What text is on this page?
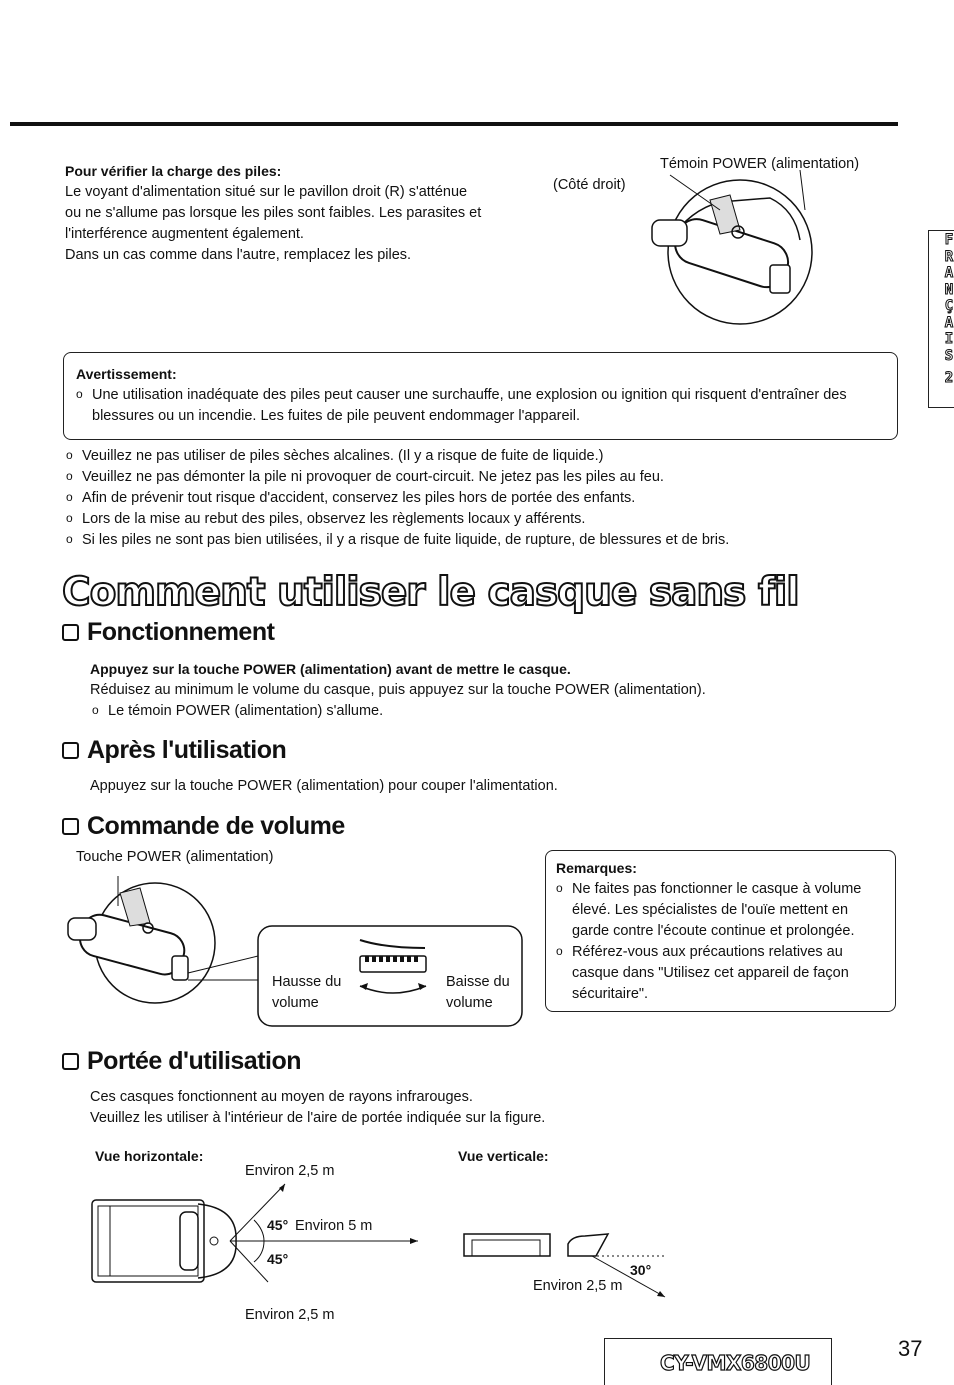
Pour vérifier la charge des piles:
Le voyant d'alimentation situé sur le pavillon droit (R) s'atténue
ou ne s'allume pas lorsque les piles sont faibles. Les parasites et
l'interférence augmentent également.
Dans un cas comme dans l'autre, remplacez les piles.
Témoin POWER (alimentation)
(Côté droit)
F
R
A
N
Ç
A
I
S
2
Avertissement:
o Une utilisation inadéquate des piles peut causer une surchauffe, une explosion ou ignition qui risquent d'entraîner des
blessures ou un incendie. Les fuites de pile peuvent endommager l'appareil.
o Veuillez ne pas utiliser de piles sèches alcalines. (Il y a risque de fuite de liquide.)
o Veuillez ne pas démonter la pile ni provoquer de court-circuit. Ne jetez pas les piles au feu.
o Afin de prévenir tout risque d'accident, conservez les piles hors de portée des enfants.
o Lors de la mise au rebut des piles, observez les règlements locaux y afférents.
o Si les piles ne sont pas bien utilisées, il y a risque de fuite liquide, de rupture, de blessures et de bris.
Comment utiliser le casque sans fil
Fonctionnement
Appuyez sur la touche POWER (alimentation) avant de mettre le casque.
Réduisez au minimum le volume du casque, puis appuyez sur la touche POWER (alimentation).
o Le témoin POWER (alimentation) s'allume.
Après l'utilisation
Appuyez sur la touche POWER (alimentation) pour couper l'alimentation.
Commande de volume
Touche POWER (alimentation)
Hausse du
volume
Baisse du
volume
Remarques:
o Ne faites pas fonctionner le casque à volume
élevé. Les spécialistes de l'ouïe mettent en
garde contre l'écoute continue et prolongée.
o Référez-vous aux précautions relatives au
casque dans "Utilisez cet appareil de façon
sécuritaire".
Portée d'utilisation
Ces casques fonctionnent au moyen de rayons infrarouges.
Veuillez les utiliser à l'intérieur de l'aire de portée indiquée sur la figure.
Vue horizontale:	Vue verticale:
Environ 2,5 m
45° Environ 5 m
45°
Environ 2,5 m
30°
Environ 2,5 m
CY-VMX6800U
37
